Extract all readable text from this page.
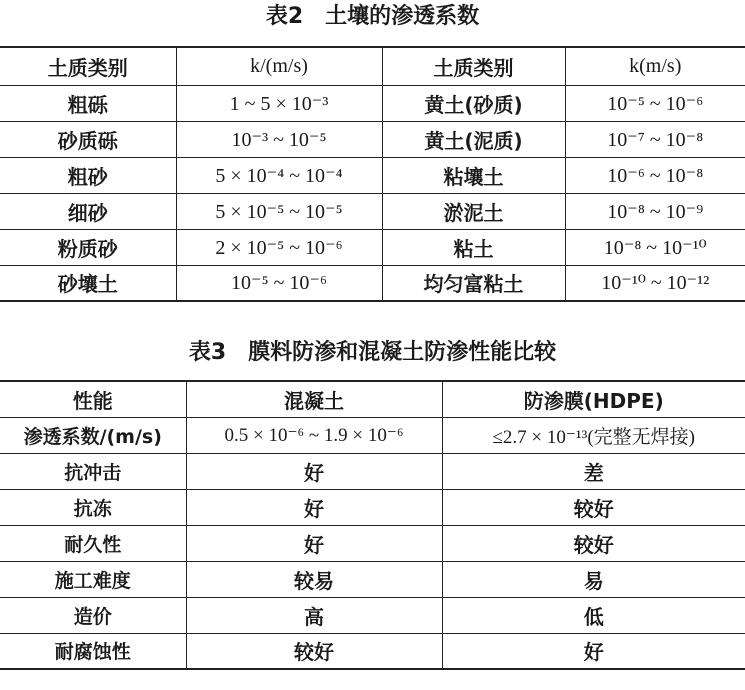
表2　土壤的渗透系数
土质类别	k/(m/s)	土质类别	k(m/s)
粗砾	1 ~ 5 × 10⁻³	黄土(砂质)	10⁻⁵ ~ 10⁻⁶
砂质砾	10⁻³ ~ 10⁻⁵	黄土(泥质)	10⁻⁷ ~ 10⁻⁸
粗砂	5 × 10⁻⁴ ~ 10⁻⁴	粘壤土	10⁻⁶ ~ 10⁻⁸
细砂	5 × 10⁻⁵ ~ 10⁻⁵	淤泥土	10⁻⁸ ~ 10⁻⁹
粉质砂	2 × 10⁻⁵ ~ 10⁻⁶	粘土	10⁻⁸ ~ 10⁻¹⁰
砂壤土	10⁻⁵ ~ 10⁻⁶	均匀富粘土	10⁻¹⁰ ~ 10⁻¹²
表3　膜料防渗和混凝土防渗性能比较
性能	混凝土	防渗膜(HDPE)
渗透系数/(m/s)	0.5 × 10⁻⁶ ~ 1.9 × 10⁻⁶	≤2.7 × 10⁻¹³(完整无焊接)
抗冲击	好	差
抗冻	好	较好
耐久性	好	较好
施工难度	较易	易
造价	高	低
耐腐蚀性	较好	好
